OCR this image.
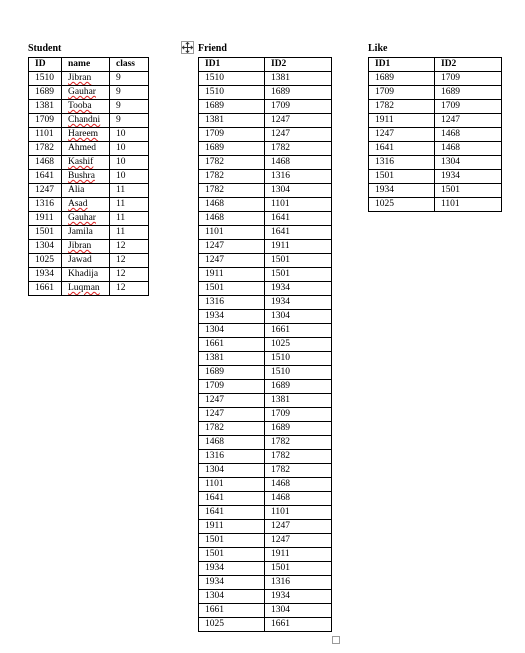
Student
ID	name	class
1510	Jibran	9
1689	Gauhar	9
1381	Tooba	9
1709	Chandni	9
1101	Hareem	10
1782	Ahmed	10
1468	Kashif	10
1641	Bushra	10
1247	Alia	11
1316	Asad	11
1911	Gauhar	11
1501	Jamila	11
1304	Jibran	12
1025	Jawad	12
1934	Khadija	12
1661	Luqman	12
Friend
ID1	ID2
1510	1381
1510	1689
1689	1709
1381	1247
1709	1247
1689	1782
1782	1468
1782	1316
1782	1304
1468	1101
1468	1641
1101	1641
1247	1911
1247	1501
1911	1501
1501	1934
1316	1934
1934	1304
1304	1661
1661	1025
1381	1510
1689	1510
1709	1689
1247	1381
1247	1709
1782	1689
1468	1782
1316	1782
1304	1782
1101	1468
1641	1468
1641	1101
1911	1247
1501	1247
1501	1911
1934	1501
1934	1316
1304	1934
1661	1304
1025	1661
Like
ID1	ID2
1689	1709
1709	1689
1782	1709
1911	1247
1247	1468
1641	1468
1316	1304
1501	1934
1934	1501
1025	1101
